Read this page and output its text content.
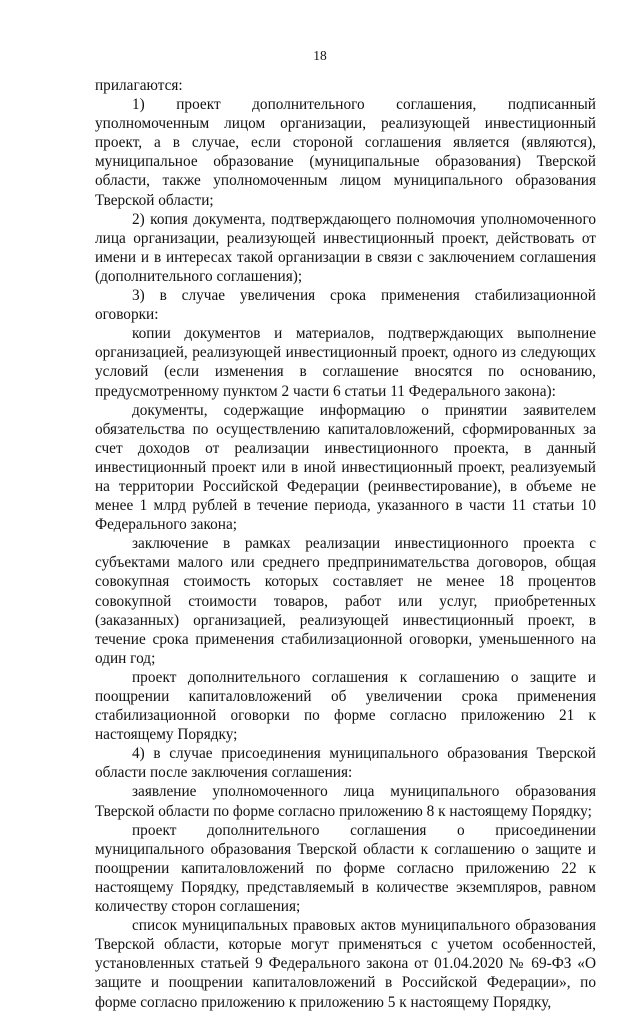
18

прилагаются:

1) проект дополнительного соглашения, подписанный уполномоченным лицом организации, реализующей инвестиционный проект, а в случае, если стороной соглашения является (являются), муниципальное образование (муниципальные образования) Тверской области, также уполномоченным лицом муниципального образования Тверской области;

2) копия документа, подтверждающего полномочия уполномоченного лица организации, реализующей инвестиционный проект, действовать от имени и в интересах такой организации в связи с заключением соглашения (дополнительного соглашения);

3) в случае увеличения срока применения стабилизационной оговорки:

копии документов и материалов, подтверждающих выполнение организацией, реализующей инвестиционный проект, одного из следующих условий (если изменения в соглашение вносятся по основанию, предусмотренному пунктом 2 части 6 статьи 11 Федерального закона):

документы, содержащие информацию о принятии заявителем обязательства по осуществлению капиталовложений, сформированных за счет доходов от реализации инвестиционного проекта, в данный инвестиционный проект или в иной инвестиционный проект, реализуемый на территории Российской Федерации (реинвестирование), в объеме не менее 1 млрд рублей в течение периода, указанного в части 11 статьи 10 Федерального закона;

заключение в рамках реализации инвестиционного проекта с субъектами малого или среднего предпринимательства договоров, общая совокупная стоимость которых составляет не менее 18 процентов совокупной стоимости товаров, работ или услуг, приобретенных (заказанных) организацией, реализующей инвестиционный проект, в течение срока применения стабилизационной оговорки, уменьшенного на один год;

проект дополнительного соглашения к соглашению о защите и поощрении капиталовложений об увеличении срока применения стабилизационной оговорки по форме согласно приложению 21 к настоящему Порядку;

4) в случае присоединения муниципального образования Тверской области после заключения соглашения:

заявление уполномоченного лица муниципального образования Тверской области по форме согласно приложению 8 к настоящему Порядку;

проект дополнительного соглашения о присоединении муниципального образования Тверской области к соглашению о защите и поощрении капиталовложений по форме согласно приложению 22 к настоящему Порядку, представляемый в количестве экземпляров, равном количеству сторон соглашения;

список муниципальных правовых актов муниципального образования Тверской области, которые могут применяться с учетом особенностей, установленных статьей 9 Федерального закона от 01.04.2020 № 69-ФЗ «О защите и поощрении капиталовложений в Российской Федерации», по форме согласно приложению к приложению 5 к настоящему Порядку,
